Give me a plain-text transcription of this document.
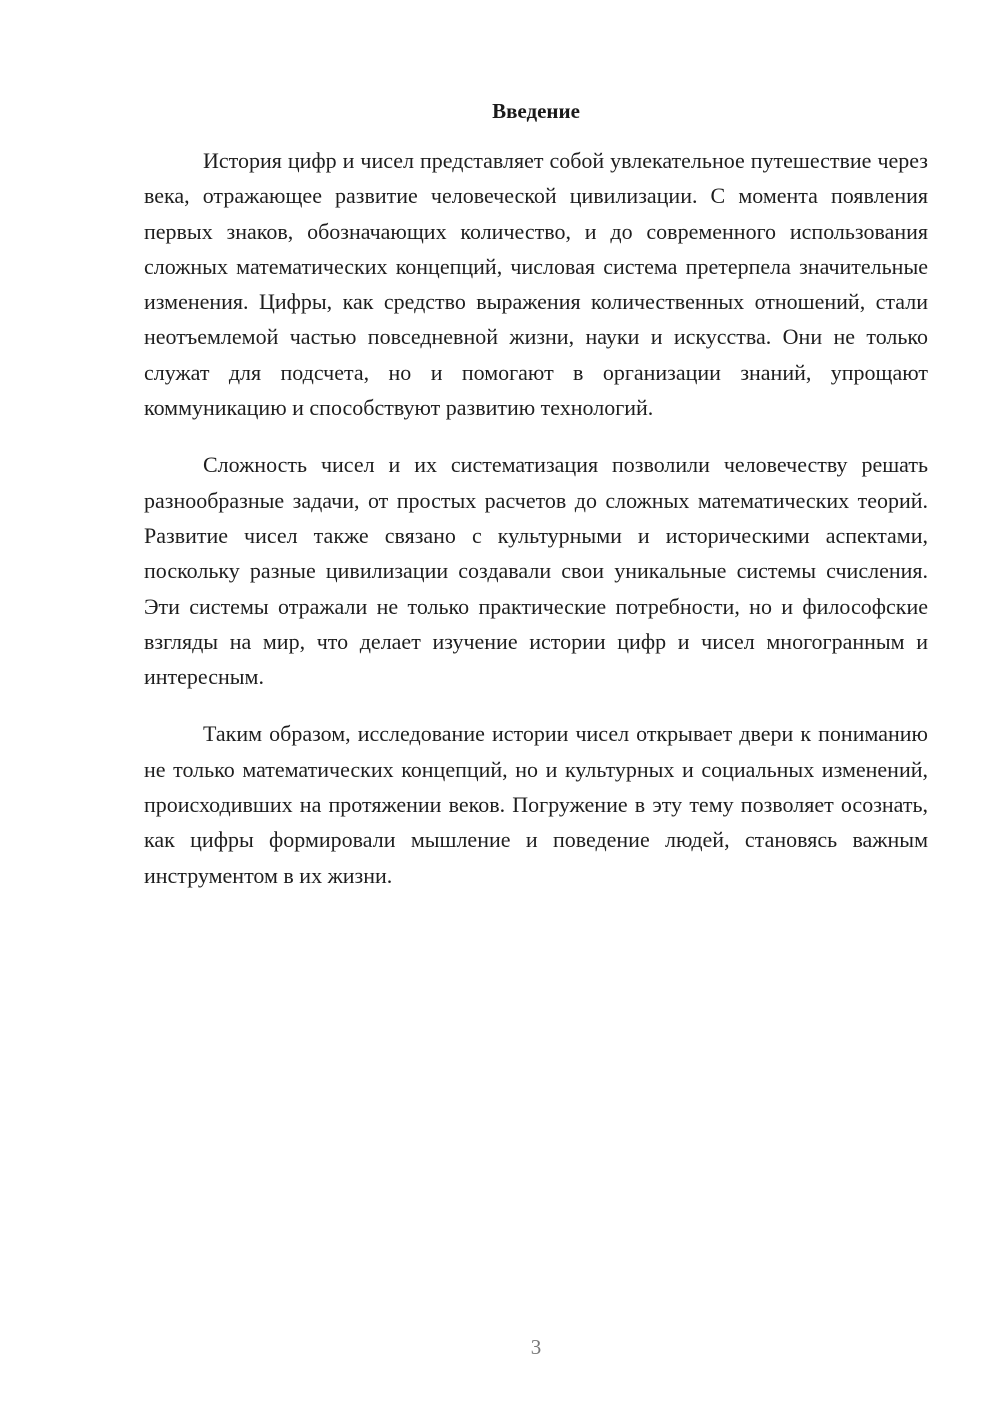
Введение

История цифр и чисел представляет собой увлекательное путешествие через века, отражающее развитие человеческой цивилизации. С момента появления первых знаков, обозначающих количество, и до современного использования сложных математических концепций, числовая система претерпела значительные изменения. Цифры, как средство выражения количественных отношений, стали неотъемлемой частью повседневной жизни, науки и искусства. Они не только служат для подсчета, но и помогают в организации знаний, упрощают коммуникацию и способствуют развитию технологий.

Сложность чисел и их систематизация позволили человечеству решать разнообразные задачи, от простых расчетов до сложных математических теорий. Развитие чисел также связано с культурными и историческими аспектами, поскольку разные цивилизации создавали свои уникальные системы счисления. Эти системы отражали не только практические потребности, но и философские взгляды на мир, что делает изучение истории цифр и чисел многогранным и интересным.

Таким образом, исследование истории чисел открывает двери к пониманию не только математических концепций, но и культурных и социальных изменений, происходивших на протяжении веков. Погружение в эту тему позволяет осознать, как цифры формировали мышление и поведение людей, становясь важным инструментом в их жизни.

3
